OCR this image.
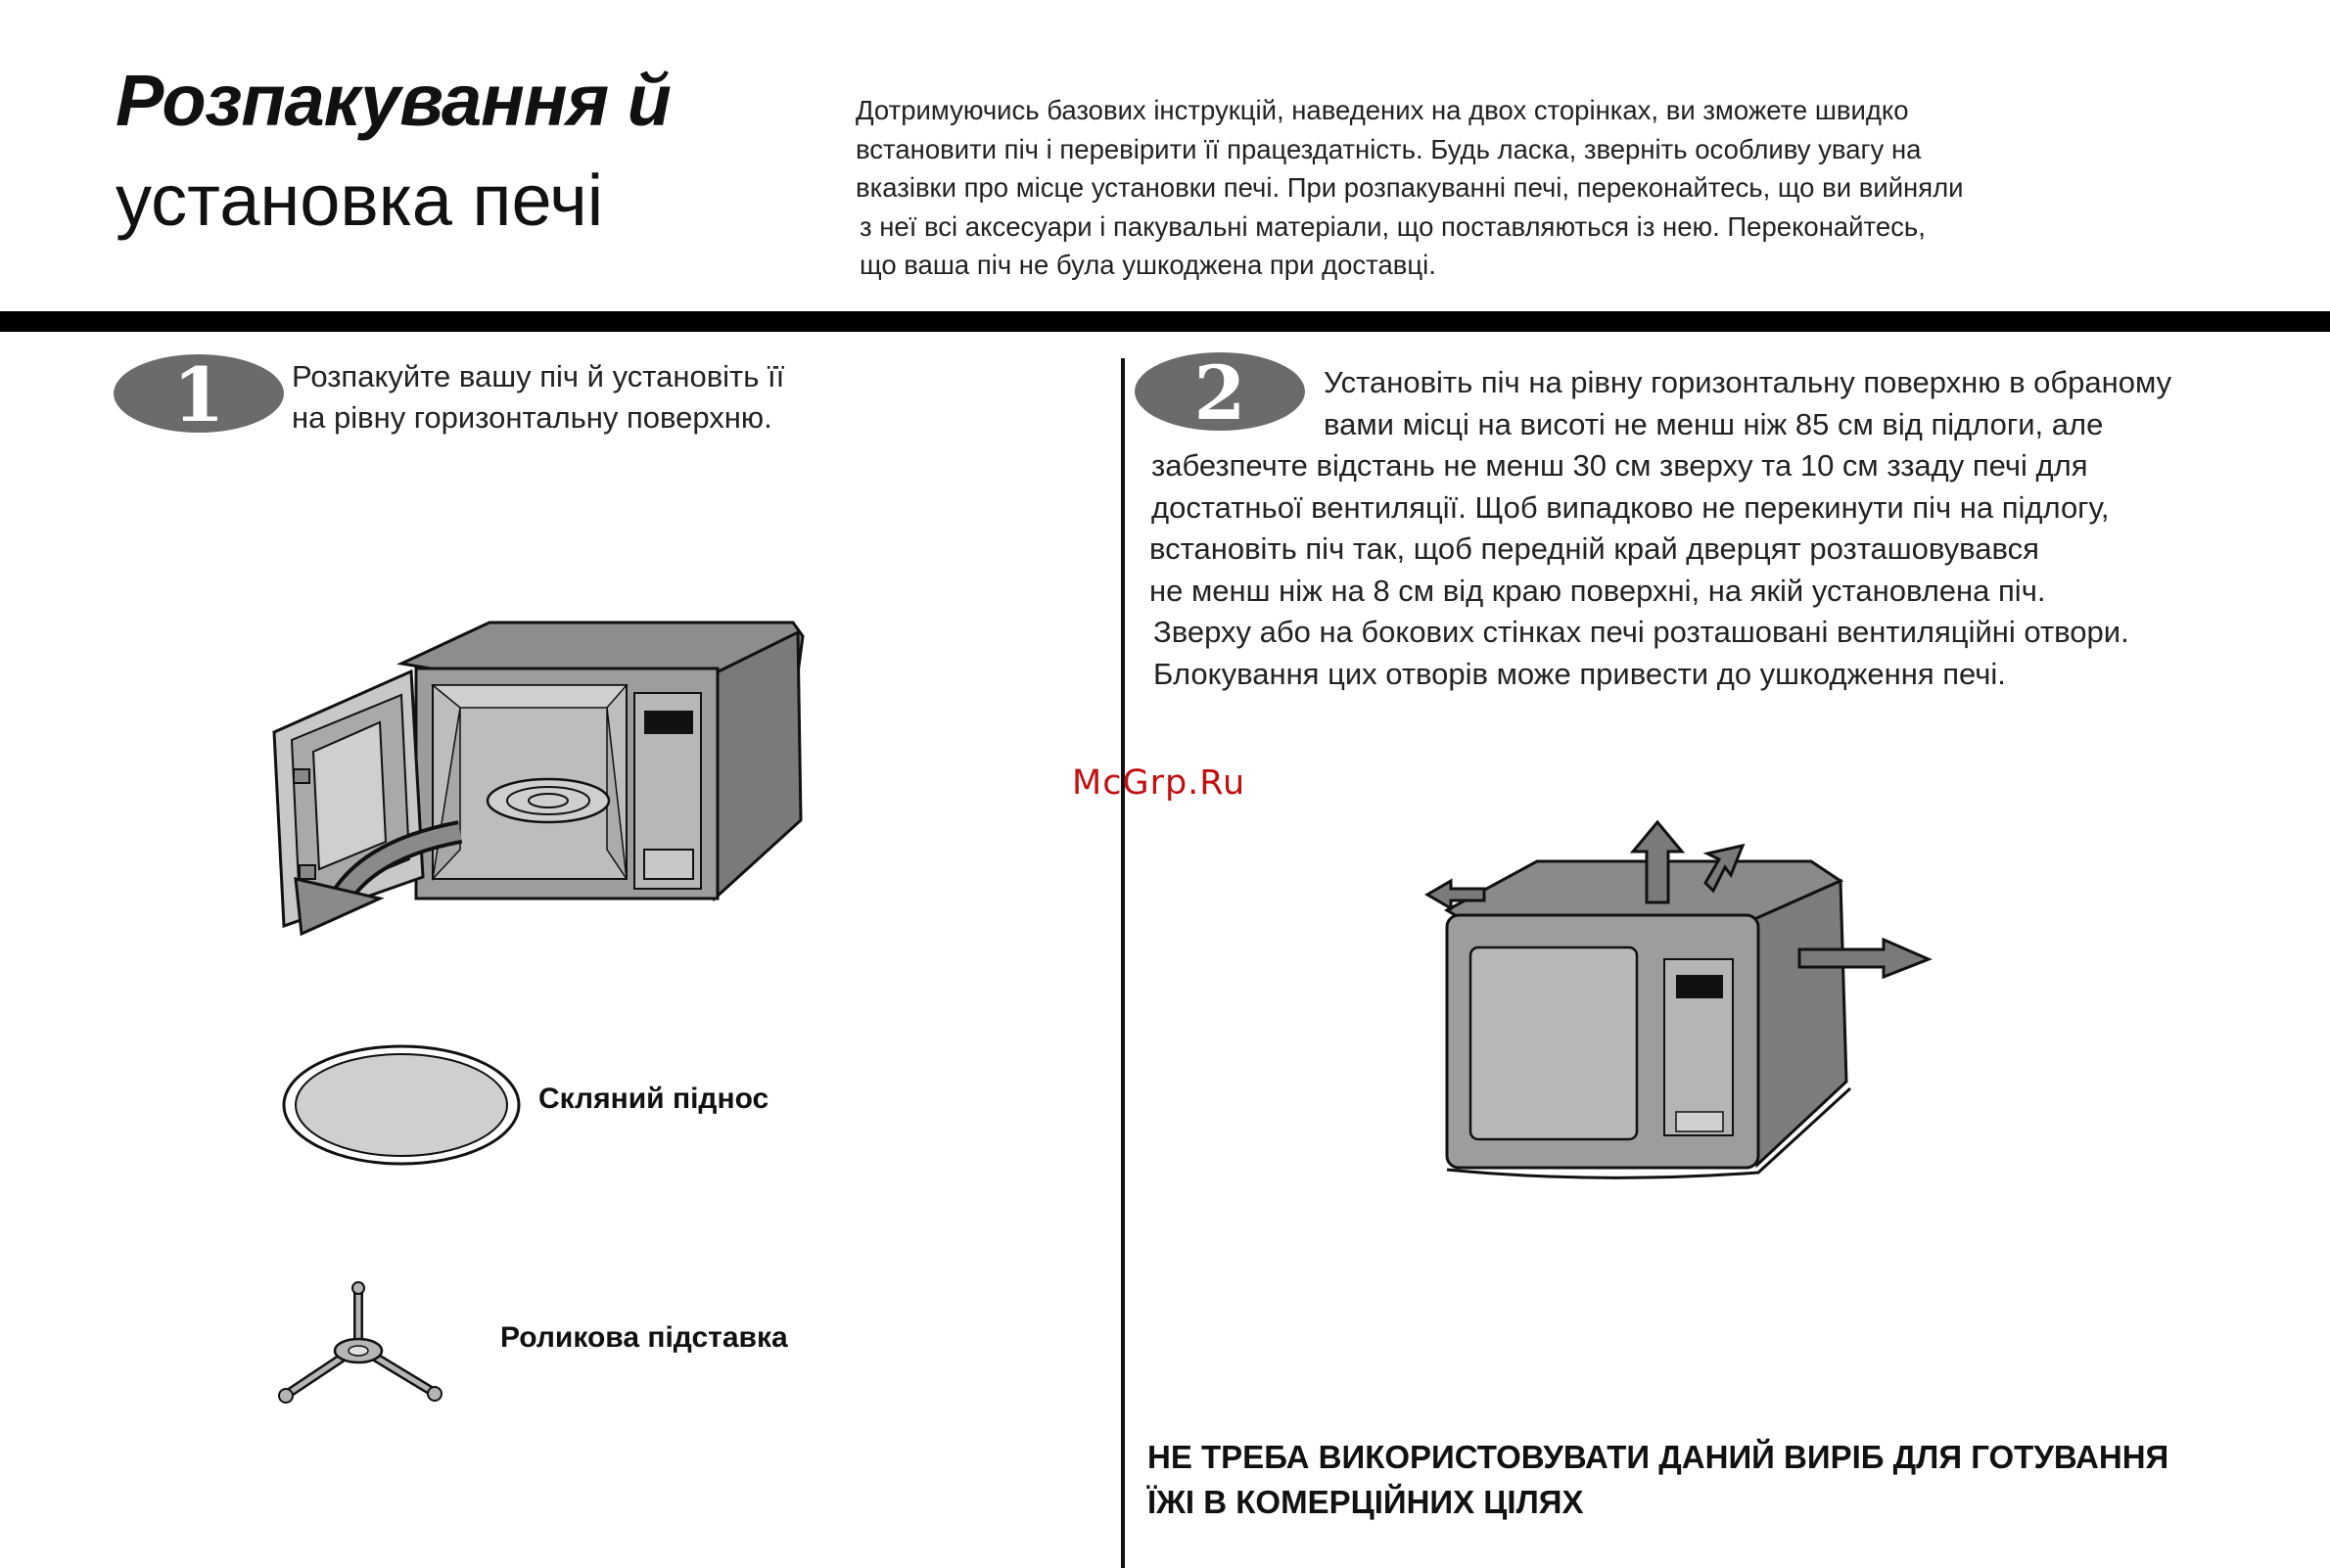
Розпакування й
установка печі
Дотримуючись базових інструкцій, наведених на двох сторінках, ви зможете швидко
встановити піч і перевірити її працездатність. Будь ласка, зверніть особливу увагу на
вказівки про місце установки печі. При розпакуванні печі, переконайтесь, що ви вийняли
з неї всі аксесуари і пакувальні матеріали, що поставляються із нею. Переконайтесь,
що ваша піч не була ушкоджена при доставці.
1 Розпакуйте вашу піч й установіть її
на рівну горизонтальну поверхню.	2	Установіть піч на рівну горизонтальну поверхню в обраному
вами місці на висоті не менш ніж 85 см від підлоги, але
забезпечте відстань не менш 30 см зверху та 10 см ззаду печі для
достатньої вентиляції. Щоб випадково не перекинути піч на підлогу,
встановіть піч так, щоб передній край дверцят розташовувався
не менш ніж на 8 см від краю поверхні, на якій установлена піч.
Зверху або на бокових стінках печі розташовані вентиляційні отвори.
Блокування цих отворів може привести до ушкодження печі.
McGrp.Ru
Скляний піднос
Роликова підставка
НЕ ТРЕБА ВИКОРИСТОВУВАТИ ДАНИЙ ВИРІБ ДЛЯ ГОТУВАННЯ
ЇЖІ В КОМЕРЦІЙНИХ ЦІЛЯХ
